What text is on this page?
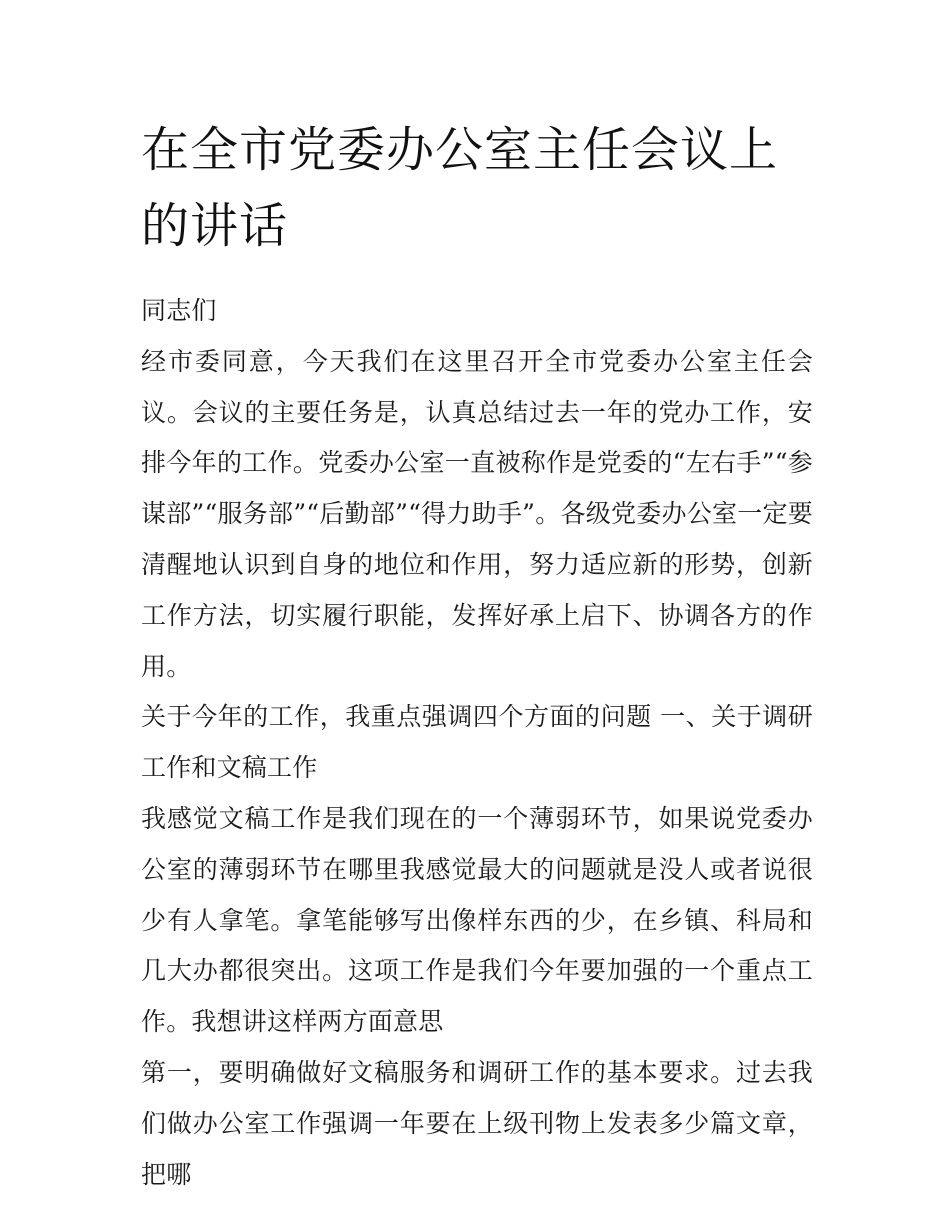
在全市党委办公室主任会议上的讲话

同志们

经市委同意，今天我们在这里召开全市党委办公室主任会议。会议的主要任务是，认真总结过去一年的党办工作，安排今年的工作。党委办公室一直被称作是党委的“左右手”“参谋部”“服务部”“后勤部”“得力助手”。各级党委办公室一定要清醒地认识到自身的地位和作用，努力适应新的形势，创新工作方法，切实履行职能，发挥好承上启下、协调各方的作用。

关于今年的工作，我重点强调四个方面的问题 一、关于调研工作和文稿工作

我感觉文稿工作是我们现在的一个薄弱环节，如果说党委办公室的薄弱环节在哪里我感觉最大的问题就是没人或者说很少有人拿笔。拿笔能够写出像样东西的少，在乡镇、科局和几大办都很突出。这项工作是我们今年要加强的一个重点工作。我想讲这样两方面意思

第一，要明确做好文稿服务和调研工作的基本要求。过去我们做办公室工作强调一年要在上级刊物上发表多少篇文章，把哪
